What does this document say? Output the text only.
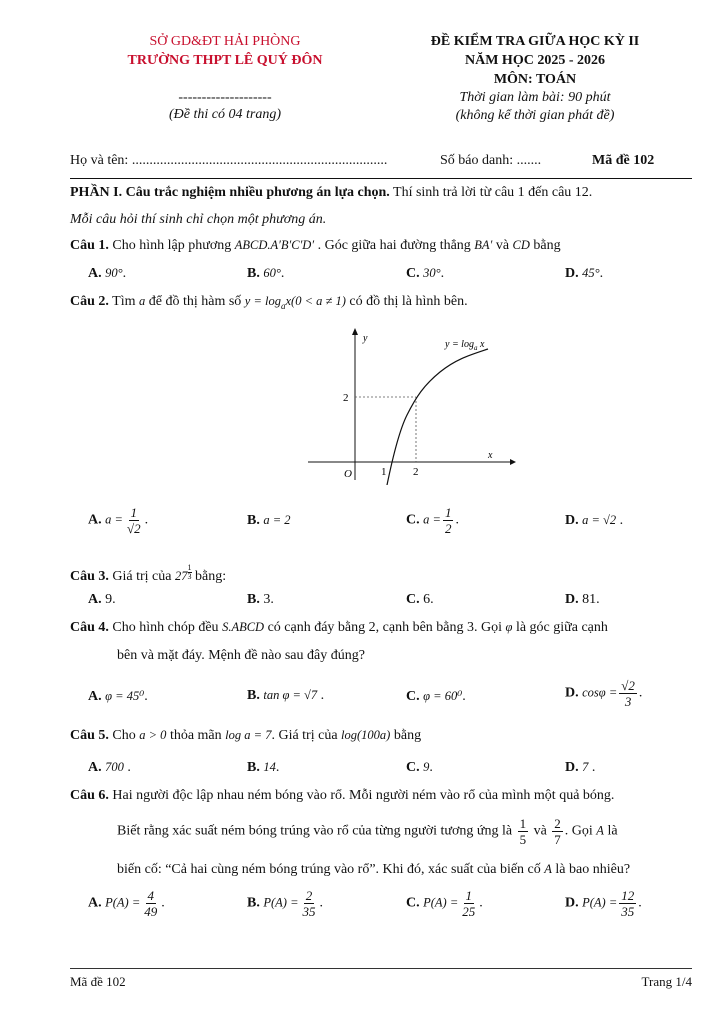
SỞ GD&ĐT HẢI PHÒNG
TRƯỜNG THPT LÊ QUÝ ĐÔN
--------------------
(Đề thi có 04 trang)
ĐỀ KIỂM TRA GIỮA HỌC KỲ II
NĂM HỌC 2025 - 2026
MÔN: TOÁN
Thời gian làm bài: 90 phút
(không kể thời gian phát đề)
Họ và tên: .........................................................................	Số báo danh: .......	Mã đề 102
PHẦN I. Câu trắc nghiệm nhiều phương án lựa chọn. Thí sinh trả lời từ câu 1 đến câu 12.
Mỗi câu hỏi thí sinh chỉ chọn một phương án.
Câu 1. Cho hình lập phương ABCD.A′B′C′D′ . Góc giữa hai đường thẳng BA′ và CD bằng
A. 90°.	B. 60°.	C. 30°.	D. 45°.
Câu 2. Tìm a để đồ thị hàm số $y = \log_ax(0 < a \ne 1)$ có đồ thị là hình bên.
y
x
O	1 2
2
$y = \log_a x$
A. $a = \frac{1}{√2}$ .	B. a = 2	C. $a = \frac{1}{2}$ .	D. a = √2 .
Câu 3. Giá trị của $27 \frac{1}{3}$ bằng:
A. 9.	B. 3.	C. 6.	D. 81.
Câu 4. Cho hình chóp đều S.ABCD có cạnh đáy bằng 2, cạnh bên bằng 3. Gọi φ là góc giữa cạnh
bên và mặt đáy. Mệnh đề nào sau đây đúng?
A. φ = 45⁰.	B. tan φ = √7 .	C. φ = 60⁰.	D. $\cos\varphi = \frac{√2}{3}$ .
Câu 5. Cho a > 0 thỏa mãn log a = 7. Giá trị của log(100a) bằng
A. 700 .	B. 14.	C. 9.	D. 7 .
Câu 6. Hai người độc lập nhau ném bóng vào rổ. Mỗi người ném vào rổ của mình một quả bóng.
Biết rằng xác suất ném bóng trúng vào rổ của từng người tương ứng là $\frac{1}{5}$ và $\frac{2}{7}$ . Gọi A là
biến cố: “Cả hai cùng ném bóng trúng vào rổ”. Khi đó, xác suất của biến cố A là bao nhiêu?
A. $P(A) = \frac{4}{49}$ .	B. $P(A) = \frac{2}{35}$ .	C. $P(A) = \frac{1}{25}$ .	D. $P(A) = \frac{12}{35}$ .
Mã đề 102	Trang 1/4
